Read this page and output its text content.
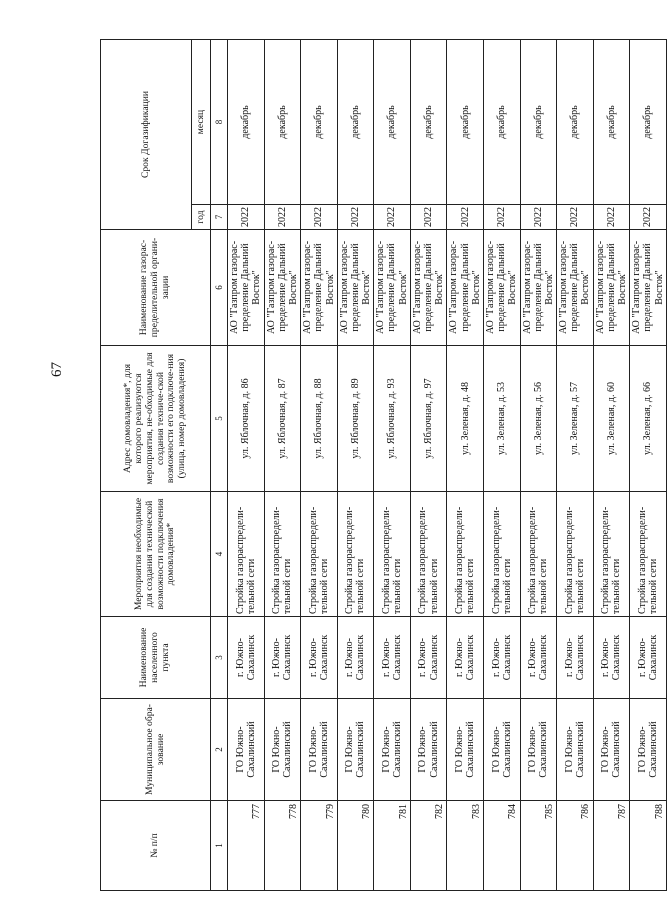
67
№ п/п	Муниципальное обра-зование	Наименование населенного пункта	Мероприятия необходимые для создания технической возможности подключения домовладения*	Адрес домовладения*, для которого реализуются мероприятия, не-обходимые для создания техниче-ской возможности его подключе-ния (улица, номер домовладения)	Наименование газорас-пределительной органи-зации	Срок Догазификации	
						год	месяц
1	2	3	4	5	6	7	8
777	ГО Южно-Сахалинский	г. Южно-Сахалинск	Стройка газораспредели-тельной сети	ул. Яблочная, д. 86	АО "Газпром газорас-пределение Дальний Восток"	2022	декабрь
778	ГО Южно-Сахалинский	г. Южно-Сахалинск	Стройка газораспредели-тельной сети	ул. Яблочная, д. 87	АО "Газпром газорас-пределение Дальний Восток"	2022	декабрь
779	ГО Южно-Сахалинский	г. Южно-Сахалинск	Стройка газораспредели-тельной сети	ул. Яблочная, д. 88	АО "Газпром газорас-пределение Дальний Восток"	2022	декабрь
780	ГО Южно-Сахалинский	г. Южно-Сахалинск	Стройка газораспредели-тельной сети	ул. Яблочная, д. 89	АО "Газпром газорас-пределение Дальний Восток"	2022	декабрь
781	ГО Южно-Сахалинский	г. Южно-Сахалинск	Стройка газораспредели-тельной сети	ул. Яблочная, д. 93	АО "Газпром газорас-пределение Дальний Восток"	2022	декабрь
782	ГО Южно-Сахалинский	г. Южно-Сахалинск	Стройка газораспредели-тельной сети	ул. Яблочная, д. 97	АО "Газпром газорас-пределение Дальний Восток"	2022	декабрь
783	ГО Южно-Сахалинский	г. Южно-Сахалинск	Стройка газораспредели-тельной сети	ул. Зеленая, д. 48	АО "Газпром газорас-пределение Дальний Восток"	2022	декабрь
784	ГО Южно-Сахалинский	г. Южно-Сахалинск	Стройка газораспредели-тельной сети	ул. Зеленая, д. 53	АО "Газпром газорас-пределение Дальний Восток"	2022	декабрь
785	ГО Южно-Сахалинский	г. Южно-Сахалинск	Стройка газораспредели-тельной сети	ул. Зеленая, д. 56	АО "Газпром газорас-пределение Дальний Восток"	2022	декабрь
786	ГО Южно-Сахалинский	г. Южно-Сахалинск	Стройка газораспредели-тельной сети	ул. Зеленая, д. 57	АО "Газпром газорас-пределение Дальний Восток"	2022	декабрь
787	ГО Южно-Сахалинский	г. Южно-Сахалинск	Стройка газораспредели-тельной сети	ул. Зеленая, д. 60	АО "Газпром газорас-пределение Дальний Восток"	2022	декабрь
788	ГО Южно-Сахалинский	г. Южно-Сахалинск	Стройка газораспредели-тельной сети	ул. Зеленая, д. 66	АО "Газпром газорас-пределение Дальний Восток"	2022	декабрь
